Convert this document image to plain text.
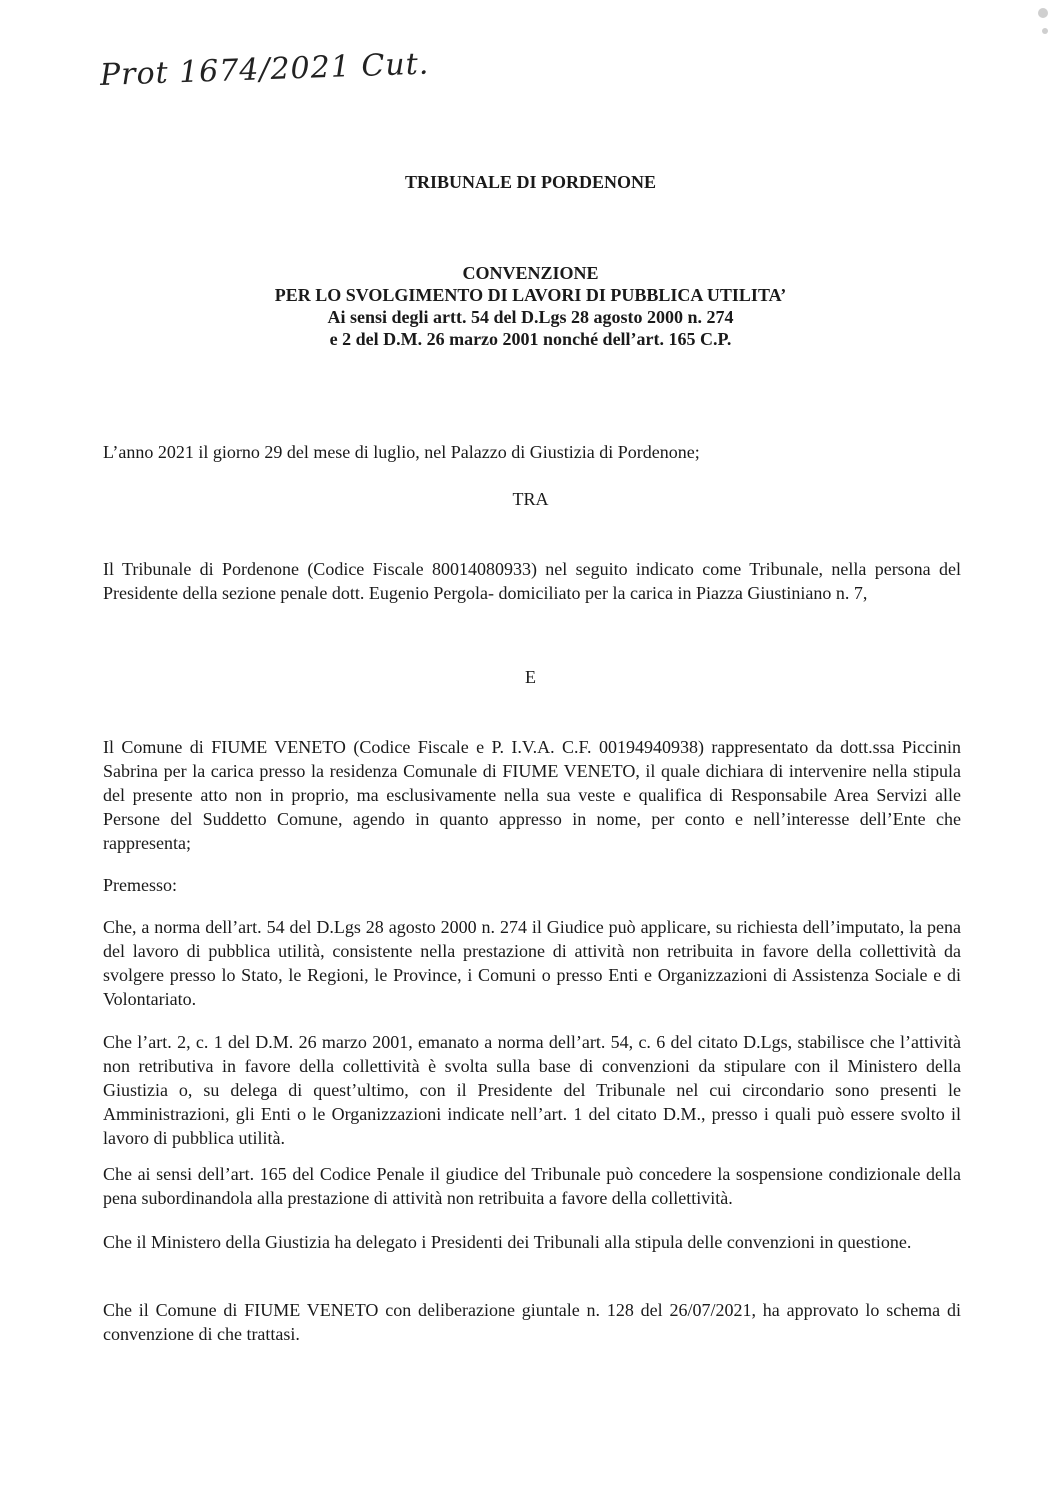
Prot 1674/2021 Cut.
TRIBUNALE DI PORDENONE
CONVENZIONE
PER LO SVOLGIMENTO DI LAVORI DI PUBBLICA UTILITA’
Ai sensi degli artt. 54 del D.Lgs 28 agosto 2000 n. 274
e 2 del D.M. 26 marzo 2001 nonché dell’art. 165 C.P.
L’anno 2021 il giorno 29 del mese di luglio, nel Palazzo di Giustizia di Pordenone;
TRA
Il Tribunale di Pordenone (Codice Fiscale 80014080933) nel seguito indicato come Tribunale, nella persona del Presidente della sezione penale dott. Eugenio Pergola- domiciliato per la carica in Piazza Giustiniano n. 7,
E
Il Comune di FIUME VENETO (Codice Fiscale e P. I.V.A. C.F. 00194940938) rappresentato da dott.ssa Piccinin Sabrina per la carica presso la residenza Comunale di FIUME VENETO, il quale dichiara di intervenire nella stipula del presente atto non in proprio, ma esclusivamente nella sua veste e qualifica di Responsabile Area Servizi alle Persone del Suddetto Comune, agendo in quanto appresso in nome, per conto e nell’interesse dell’Ente che rappresenta;
Premesso:
Che, a norma dell’art. 54 del D.Lgs 28 agosto 2000 n. 274 il Giudice può applicare, su richiesta dell’imputato, la pena del lavoro di pubblica utilità, consistente nella prestazione di attività non retribuita in favore della collettività da svolgere presso lo Stato, le Regioni, le Province, i Comuni o presso Enti e Organizzazioni di Assistenza Sociale e di Volontariato.
Che l’art. 2, c. 1 del D.M. 26 marzo 2001, emanato a norma dell’art. 54, c. 6 del citato D.Lgs, stabilisce che l’attività non retributiva in favore della collettività è svolta sulla base di convenzioni da stipulare con il Ministero della Giustizia o, su delega di quest’ultimo, con il Presidente del Tribunale nel cui circondario sono presenti le Amministrazioni, gli Enti o le Organizzazioni indicate nell’art. 1 del citato D.M., presso i quali può essere svolto il lavoro di pubblica utilità.
Che ai sensi dell’art. 165 del Codice Penale il giudice del Tribunale può concedere la sospensione condizionale della pena subordinandola alla prestazione di attività non retribuita a favore della collettività.
Che il Ministero della Giustizia ha delegato i Presidenti dei Tribunali alla stipula delle convenzioni in questione.
Che il Comune di FIUME VENETO con deliberazione giuntale n. 128 del 26/07/2021, ha approvato lo schema di convenzione di che trattasi.
